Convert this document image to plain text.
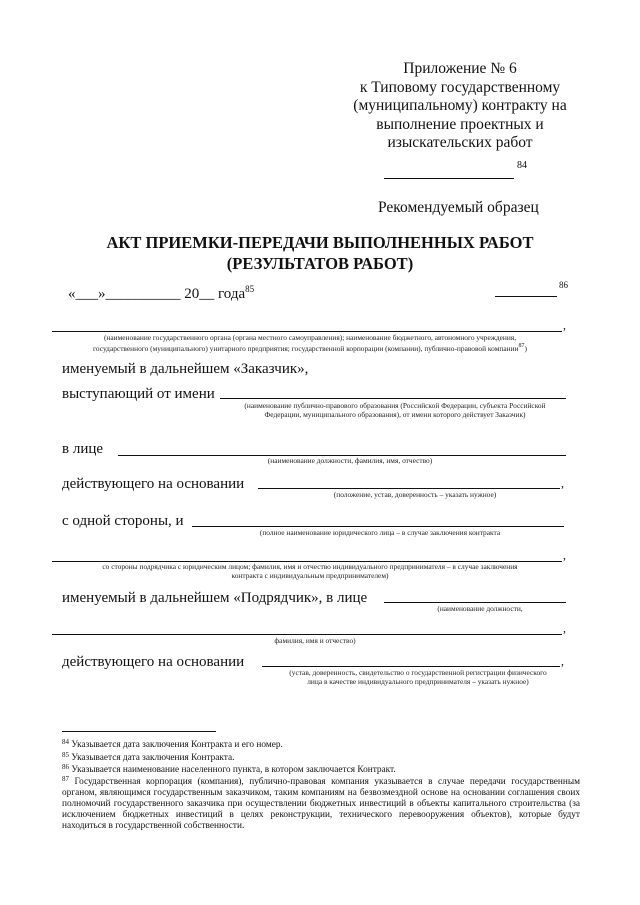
Приложение № 6
к Типовому государственному
(муниципальному) контракту на
выполнение проектных и
изыскательских работ
84
Рекомендуемый образец
АКТ ПРИЕМКИ-ПЕРЕДАЧИ ВЫПОЛНЕННЫХ РАБОТ
(РЕЗУЛЬТАТОВ РАБОТ)
«___»__________ 20__ года$^{85}$	86
,
(наименование государственного органа (органа местного самоуправления); наименование бюджетного, автономного учреждения,
государственного (муниципального) унитарного предприятия; государственной корпорации (компании), публично-правовой компании$^{87}$)
именуемый в дальнейшем «Заказчик»,
выступающий от имени
(наименование публично-правового образования (Российской Федерации, субъекта Российской Федерации, муниципального образования), от имени которого действует Заказчик)
в лице
(наименование должности, фамилия, имя, отчество)
действующего на основании	,
(положение, устав, доверенность – указать нужное)
с одной стороны, и
(полное наименование юридического лица – в случае заключения контракта
,
со стороны подрядчика с юридическим лицом; фамилия, имя и отчество индивидуального предпринимателя – в случае заключения
контракта с индивидуальным предпринимателем)
именуемый в дальнейшем «Подрядчик», в лице
(наименование должности,
,
фамилия, имя и отчество)
действующего на основании	,
(устав, доверенность, свидетельство о государственной регистрации физического
лица в качестве индивидуального предпринимателя – указать нужное)
$^{84}$ Указывается дата заключения Контракта и его номер.
$^{85}$ Указывается дата заключения Контракта.
$^{86}$ Указывается наименование населенного пункта, в котором заключается Контракт.
$^{87}$ Государственная корпорация (компания), публично-правовая компания указывается в случае передачи государственным органом, являющимся государственным заказчиком, таким компаниям на безвозмездной основе на основании соглашения своих полномочий государственного заказчика при осуществлении бюджетных инвестиций в объекты капитального строительства (за исключением бюджетных инвестиций в целях реконструкции, технического перевооружения объектов), которые будут находиться в государственной собственности.
